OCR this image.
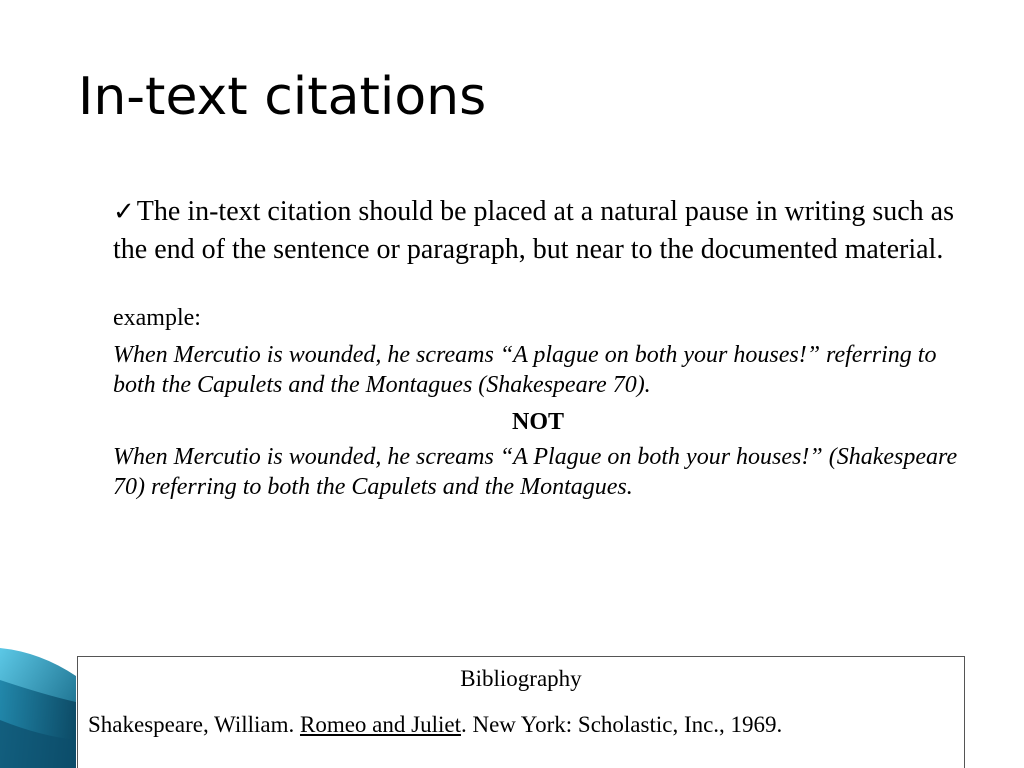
In-text citations

✓The in-text citation should be placed at a natural pause in writing such as the end of the sentence or paragraph, but near to the documented material.

example:
When Mercutio is wounded, he screams “A plague on both your houses!” referring to both the Capulets and the Montagues (Shakespeare 70).
NOT
When Mercutio is wounded, he screams “A Plague on both your houses!” (Shakespeare 70) referring to both the Capulets and the Montagues.
Bibliography
Shakespeare, William. Romeo and Juliet. New York: Scholastic, Inc., 1969.
